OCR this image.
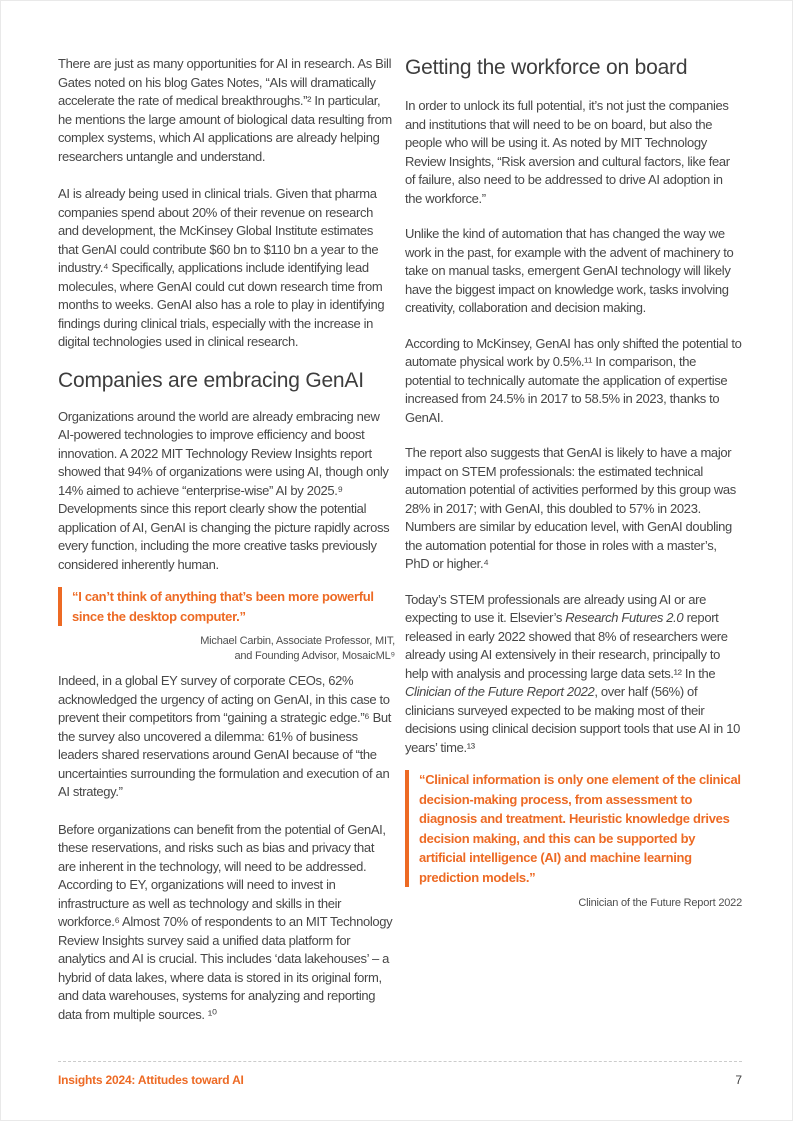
There are just as many opportunities for AI in research. As Bill Gates noted on his blog Gates Notes, “AIs will dramatically accelerate the rate of medical breakthroughs.”² In particular, he mentions the large amount of biological data resulting from complex systems, which AI applications are already helping researchers untangle and understand.

AI is already being used in clinical trials. Given that pharma companies spend about 20% of their revenue on research and development, the McKinsey Global Institute estimates that GenAI could contribute $60 bn to $110 bn a year to the industry.⁴ Specifically, applications include identifying lead molecules, where GenAI could cut down research time from months to weeks. GenAI also has a role to play in identifying findings during clinical trials, especially with the increase in digital technologies used in clinical research.

Companies are embracing GenAI

Organizations around the world are already embracing new AI-powered technologies to improve efficiency and boost innovation. A 2022 MIT Technology Review Insights report showed that 94% of organizations were using AI, though only 14% aimed to achieve “enter​prise-wise” AI by 2025.⁹ Developments since this report clearly show the potential application of AI, GenAI is changing the picture rapidly across every function, including the more creative tasks previously considered inherently human.

“I can’t think of anything that’s been more powerful since the desktop computer.”
Michael Carbin, Associate Professor, MIT,
and Founding Advisor, MosaicML⁹

Indeed, in a global EY survey of corporate CEOs, 62% acknowledged the urgency of acting on GenAI, in this case to prevent their competitors from “gaining a strategic edge.”⁶ But the survey also uncovered a dilemma: 61% of business leaders shared reservations around GenAI because of “the uncertainties surrounding the formulation and execution of an AI strategy.”

Before organizations can benefit from the potential of GenAI, these reservations, and risks such as bias and privacy that are inherent in the technology, will need to be addressed. According to EY, organizations will need to invest in infrastructure as well as technology and skills in their workforce.⁶ Almost 70% of respondents to an MIT Technology Review Insights survey said a unified data platform for analytics and AI is crucial. This includes ‘data lakehouses’ – a hybrid of data lakes, where data is stored in its original form, and data warehouses, systems for analyzing and reporting data from multiple sources. ¹⁰

Getting the workforce on board

In order to unlock its full potential, it’s not just the companies and institutions that will need to be on board, but also the people who will be using it. As noted by MIT Technology Review Insights, “Risk aversion and cultural factors, like fear of failure, also need to be addressed to drive AI adoption in the workforce.”

Unlike the kind of automation that has changed the way we work in the past, for example with the advent of machinery to take on manual tasks, emergent GenAI technology will likely have the biggest impact on knowledge work, tasks involving creativity, collaboration and decision making.

According to McKinsey, GenAI has only shifted the potential to automate physical work by 0.5%.¹¹ In comparison, the potential to technically automate the application of expertise increased from 24.5% in 2017 to 58.5% in 2023, thanks to GenAI.

The report also suggests that GenAI is likely to have a major impact on STEM professionals: the estimated technical automation potential of activities performed by this group was 28% in 2017; with GenAI, this doubled to 57% in 2023. Numbers are similar by education level, with GenAI doubling the automation potential for those in roles with a master’s, PhD or higher.⁴

Today’s STEM professionals are already using AI or are expecting to use it. Elsevier’s Research Futures 2.0 report released in early 2022 showed that 8% of researchers were already using AI extensively in their research, principally to help with analysis and processing large data sets.¹² In the Clinician of the Future Report 2022, over half (56%) of clinicians surveyed expected to be making most of their decisions using clinical decision support tools that use AI in 10 years’ time.¹³

“Clinical information is only one element of the clinical decision-making process, from assessment to diagnosis and treatment. Heuristic knowledge drives decision making, and this can be supported by artificial intelligence (AI) and machine learning prediction models.”
Clinician of the Future Report 2022
Insights 2024: Attitudes toward AI	7
